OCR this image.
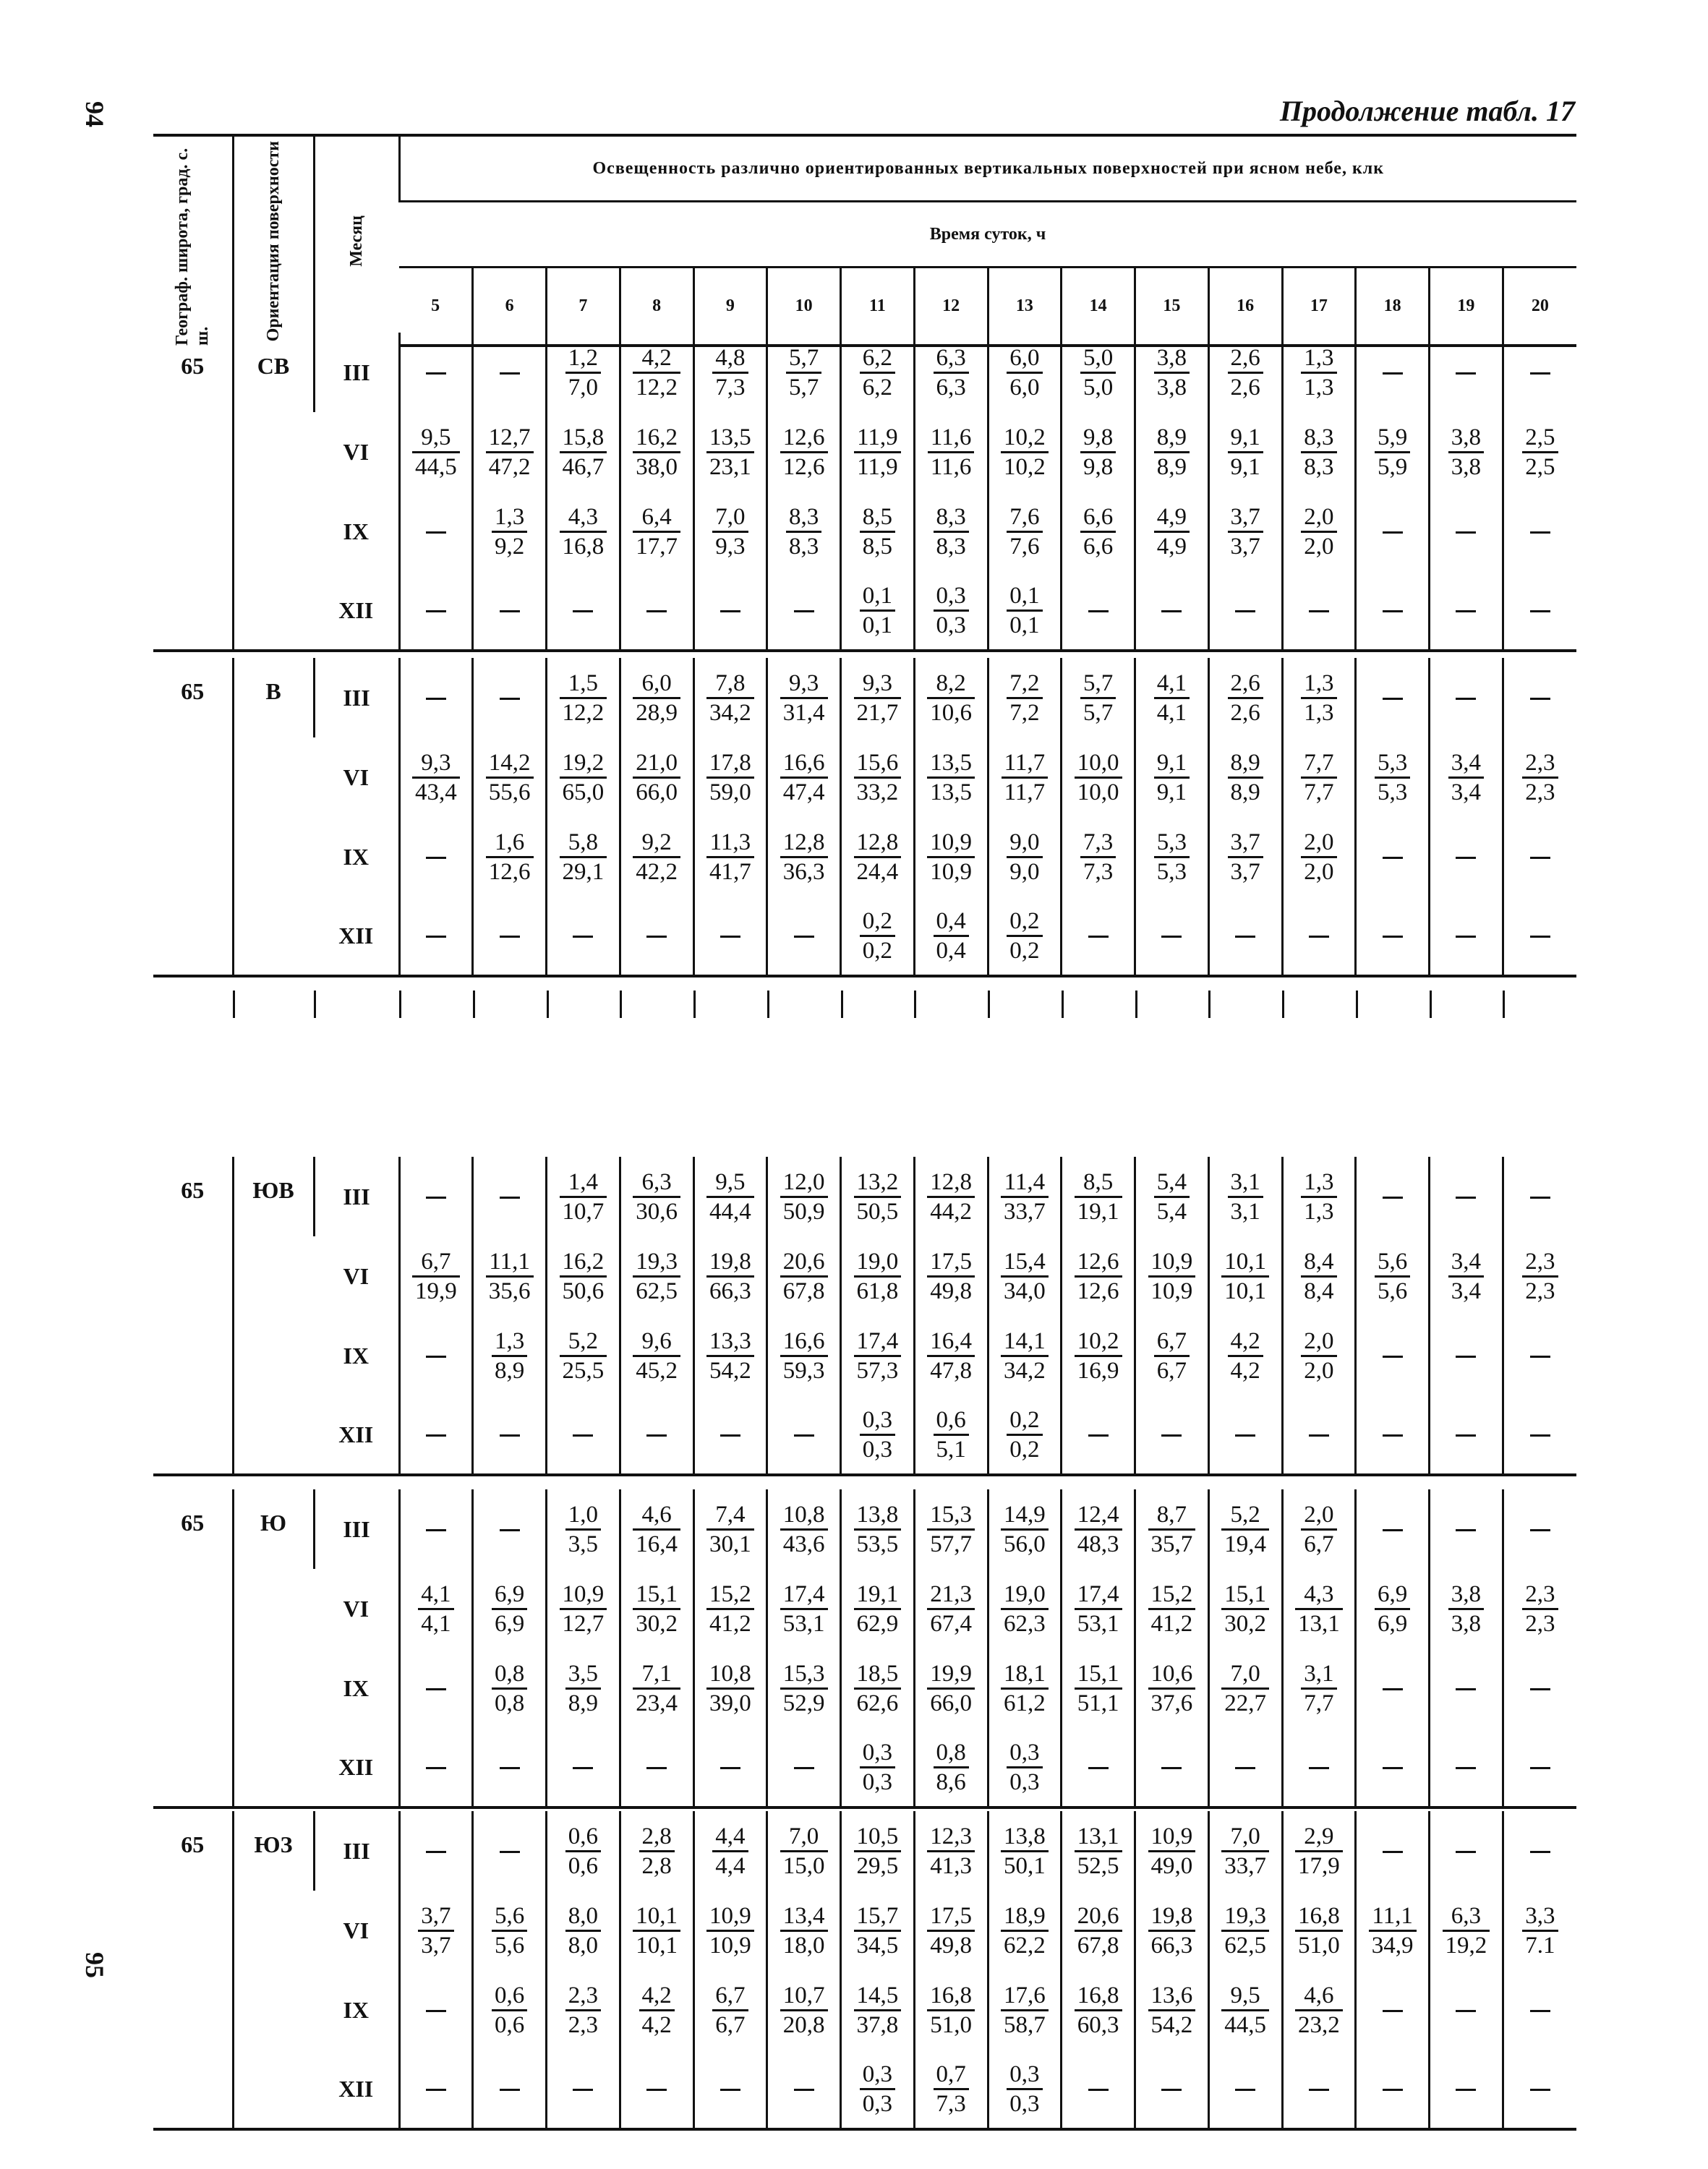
94	Продолжение табл. 17
Географ. широта, град. с. ш.	Ориентация поверхности	Месяц	Освещенность различно ориентированных вертикальных поверхностей при ясном небе, клк															
			Время суток, ч															
			5	6	7	8	9	10	11	12	13	14	15	16	17	18	19	20
65	СВ	III			$\frac{1,2}{7,0}$	$\frac{4,2}{12,2}$	$\frac{4,8}{7,3}$	$\frac{5,7}{5,7}$	$\frac{6,2}{6,2}$	$\frac{6,3}{6,3}$	$\frac{6,0}{6,0}$	$\frac{5,0}{5,0}$	$\frac{3,8}{3,8}$	$\frac{2,6}{2,6}$	$\frac{1,3}{1,3}$

		VI	$\frac{9,5}{44,5}$	$\frac{12,7}{47,2}$	$\frac{15,8}{46,7}$	$\frac{16,2}{38,0}$	$\frac{13,5}{23,1}$	$\frac{12,6}{12,6}$	$\frac{11,9}{11,9}$	$\frac{11,6}{11,6}$	$\frac{10,2}{10,2}$	$\frac{9,8}{9,8}$	$\frac{8,9}{8,9}$	$\frac{9,1}{9,1}$	$\frac{8,3}{8,3}$	$\frac{5,9}{5,9}$	$\frac{3,8}{3,8}$	$\frac{2,5}{2,5}$

		IX		$\frac{1,3}{9,2}$	$\frac{4,3}{16,8}$	$\frac{6,4}{17,7}$	$\frac{7,0}{9,3}$	$\frac{8,3}{8,3}$	$\frac{8,5}{8,5}$	$\frac{8,3}{8,3}$	$\frac{7,6}{7,6}$	$\frac{6,6}{6,6}$	$\frac{4,9}{4,9}$	$\frac{3,7}{3,7}$	$\frac{2,0}{2,0}$

		XII							$\frac{0,1}{0,1}$	$\frac{0,3}{0,3}$	$\frac{0,1}{0,1}$

65	В	III			$\frac{1,5}{12,2}$	$\frac{6,0}{28,9}$	$\frac{7,8}{34,2}$	$\frac{9,3}{31,4}$	$\frac{9,3}{21,7}$	$\frac{8,2}{10,6}$	$\frac{7,2}{7,2}$	$\frac{5,7}{5,7}$	$\frac{4,1}{4,1}$	$\frac{2,6}{2,6}$	$\frac{1,3}{1,3}$

		VI	$\frac{9,3}{43,4}$	$\frac{14,2}{55,6}$	$\frac{19,2}{65,0}$	$\frac{21,0}{66,0}$	$\frac{17,8}{59,0}$	$\frac{16,6}{47,4}$	$\frac{15,6}{33,2}$	$\frac{13,5}{13,5}$	$\frac{11,7}{11,7}$	$\frac{10,0}{10,0}$	$\frac{9,1}{9,1}$	$\frac{8,9}{8,9}$	$\frac{7,7}{7,7}$	$\frac{5,3}{5,3}$	$\frac{3,4}{3,4}$	$\frac{2,3}{2,3}$

		IX		$\frac{1,6}{12,6}$	$\frac{5,8}{29,1}$	$\frac{9,2}{42,2}$	$\frac{11,3}{41,7}$	$\frac{12,8}{36,3}$	$\frac{12,8}{24,4}$	$\frac{10,9}{10,9}$	$\frac{9,0}{9,0}$	$\frac{7,3}{7,3}$	$\frac{5,3}{5,3}$	$\frac{3,7}{3,7}$	$\frac{2,0}{2,0}$

		XII							$\frac{0,2}{0,2}$	$\frac{0,4}{0,4}$	$\frac{0,2}{0,2}$

65	ЮВ	III			$\frac{1,4}{10,7}$	$\frac{6,3}{30,6}$	$\frac{9,5}{44,4}$	$\frac{12,0}{50,9}$	$\frac{13,2}{50,5}$	$\frac{12,8}{44,2}$	$\frac{11,4}{33,7}$	$\frac{8,5}{19,1}$	$\frac{5,4}{5,4}$	$\frac{3,1}{3,1}$	$\frac{1,3}{1,3}$

		VI	$\frac{6,7}{19,9}$	$\frac{11,1}{35,6}$	$\frac{16,2}{50,6}$	$\frac{19,3}{62,5}$	$\frac{19,8}{66,3}$	$\frac{20,6}{67,8}$	$\frac{19,0}{61,8}$	$\frac{17,5}{49,8}$	$\frac{15,4}{34,0}$	$\frac{12,6}{12,6}$	$\frac{10,9}{10,9}$	$\frac{10,1}{10,1}$	$\frac{8,4}{8,4}$	$\frac{5,6}{5,6}$	$\frac{3,4}{3,4}$	$\frac{2,3}{2,3}$

		IX		$\frac{1,3}{8,9}$	$\frac{5,2}{25,5}$	$\frac{9,6}{45,2}$	$\frac{13,3}{54,2}$	$\frac{16,6}{59,3}$	$\frac{17,4}{57,3}$	$\frac{16,4}{47,8}$	$\frac{14,1}{34,2}$	$\frac{10,2}{16,9}$	$\frac{6,7}{6,7}$	$\frac{4,2}{4,2}$	$\frac{2,0}{2,0}$

		XII							$\frac{0,3}{0,3}$	$\frac{0,6}{5,1}$	$\frac{0,2}{0,2}$

65	Ю	III			$\frac{1,0}{3,5}$	$\frac{4,6}{16,4}$	$\frac{7,4}{30,1}$	$\frac{10,8}{43,6}$	$\frac{13,8}{53,5}$	$\frac{15,3}{57,7}$	$\frac{14,9}{56,0}$	$\frac{12,4}{48,3}$	$\frac{8,7}{35,7}$	$\frac{5,2}{19,4}$	$\frac{2,0}{6,7}$

		VI	$\frac{4,1}{4,1}$	$\frac{6,9}{6,9}$	$\frac{10,9}{12,7}$	$\frac{15,1}{30,2}$	$\frac{15,2}{41,2}$	$\frac{17,4}{53,1}$	$\frac{19,1}{62,9}$	$\frac{21,3}{67,4}$	$\frac{19,0}{62,3}$	$\frac{17,4}{53,1}$	$\frac{15,2}{41,2}$	$\frac{15,1}{30,2}$	$\frac{4,3}{13,1}$	$\frac{6,9}{6,9}$	$\frac{3,8}{3,8}$	$\frac{2,3}{2,3}$

		IX		$\frac{0,8}{0,8}$	$\frac{3,5}{8,9}$	$\frac{7,1}{23,4}$	$\frac{10,8}{39,0}$	$\frac{15,3}{52,9}$	$\frac{18,5}{62,6}$	$\frac{19,9}{66,0}$	$\frac{18,1}{61,2}$	$\frac{15,1}{51,1}$	$\frac{10,6}{37,6}$	$\frac{7,0}{22,7}$	$\frac{3,1}{7,7}$

		XII							$\frac{0,3}{0,3}$	$\frac{0,8}{8,6}$	$\frac{0,3}{0,3}$

65	ЮЗ	III			$\frac{0,6}{0,6}$	$\frac{2,8}{2,8}$	$\frac{4,4}{4,4}$	$\frac{7,0}{15,0}$	$\frac{10,5}{29,5}$	$\frac{12,3}{41,3}$	$\frac{13,8}{50,1}$	$\frac{13,1}{52,5}$	$\frac{10,9}{49,0}$	$\frac{7,0}{33,7}$	$\frac{2,9}{17,9}$

		VI	$\frac{3,7}{3,7}$	$\frac{5,6}{5,6}$	$\frac{8,0}{8,0}$	$\frac{10,1}{10,1}$	$\frac{10,9}{10,9}$	$\frac{13,4}{18,0}$	$\frac{15,7}{34,5}$	$\frac{17,5}{49,8}$	$\frac{18,9}{62,2}$	$\frac{20,6}{67,8}$	$\frac{19,8}{66,3}$	$\frac{19,3}{62,5}$	$\frac{16,8}{51,0}$	$\frac{11,1}{34,9}$	$\frac{6,3}{19,2}$	$\frac{3,3}{7.1}$

		IX		$\frac{0,6}{0,6}$	$\frac{2,3}{2,3}$	$\frac{4,2}{4,2}$	$\frac{6,7}{6,7}$	$\frac{10,7}{20,8}$	$\frac{14,5}{37,8}$	$\frac{16,8}{51,0}$	$\frac{17,6}{58,7}$	$\frac{16,8}{60,3}$	$\frac{13,6}{54,2}$	$\frac{9,5}{44,5}$	$\frac{4,6}{23,2}$

		XII							$\frac{0,3}{0,3}$	$\frac{0,7}{7,3}$	$\frac{0,3}{0,3}$

95
